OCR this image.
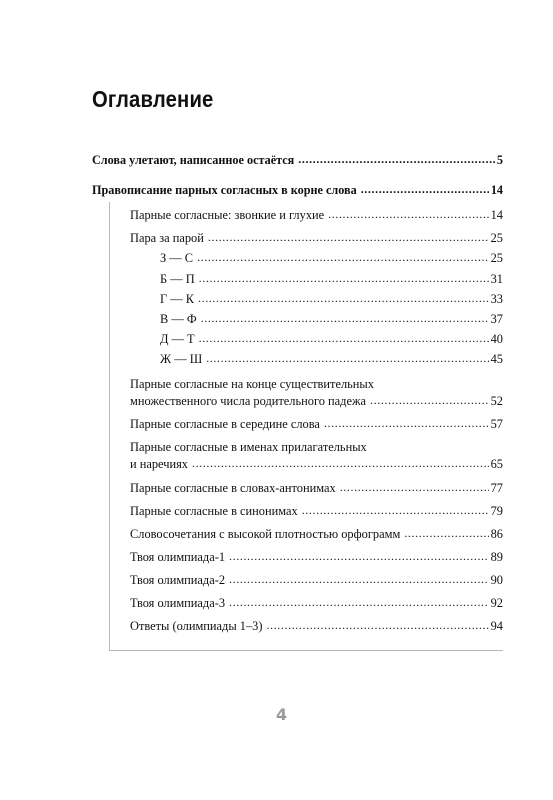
Оглавление
Слова улетают, написанное остаётся .....	5
Правописание парных согласных в корне слова .....	14
Парные согласные: звонкие и глухие .....	14
Пара за парой .....	25
З — С .....	25
Б — П .....	31
Г — К .....	33
В — Ф .....	37
Д — Т .....	40
Ж — Ш .....	45
Парные согласные на конце существительных
множественного числа родительного падежа .....	52
Парные согласные в середине слова .....	57
Парные согласные в именах прилагательных
и наречиях .....	65
Парные согласные в словах-антонимах .....	77
Парные согласные в синонимах .....	79
Словосочетания с высокой плотностью орфограмм .....	86
Твоя олимпиада-1 .....	89
Твоя олимпиада-2 .....	90
Твоя олимпиада-3 .....	92
Ответы (олимпиады 1–3) .....	94
4
